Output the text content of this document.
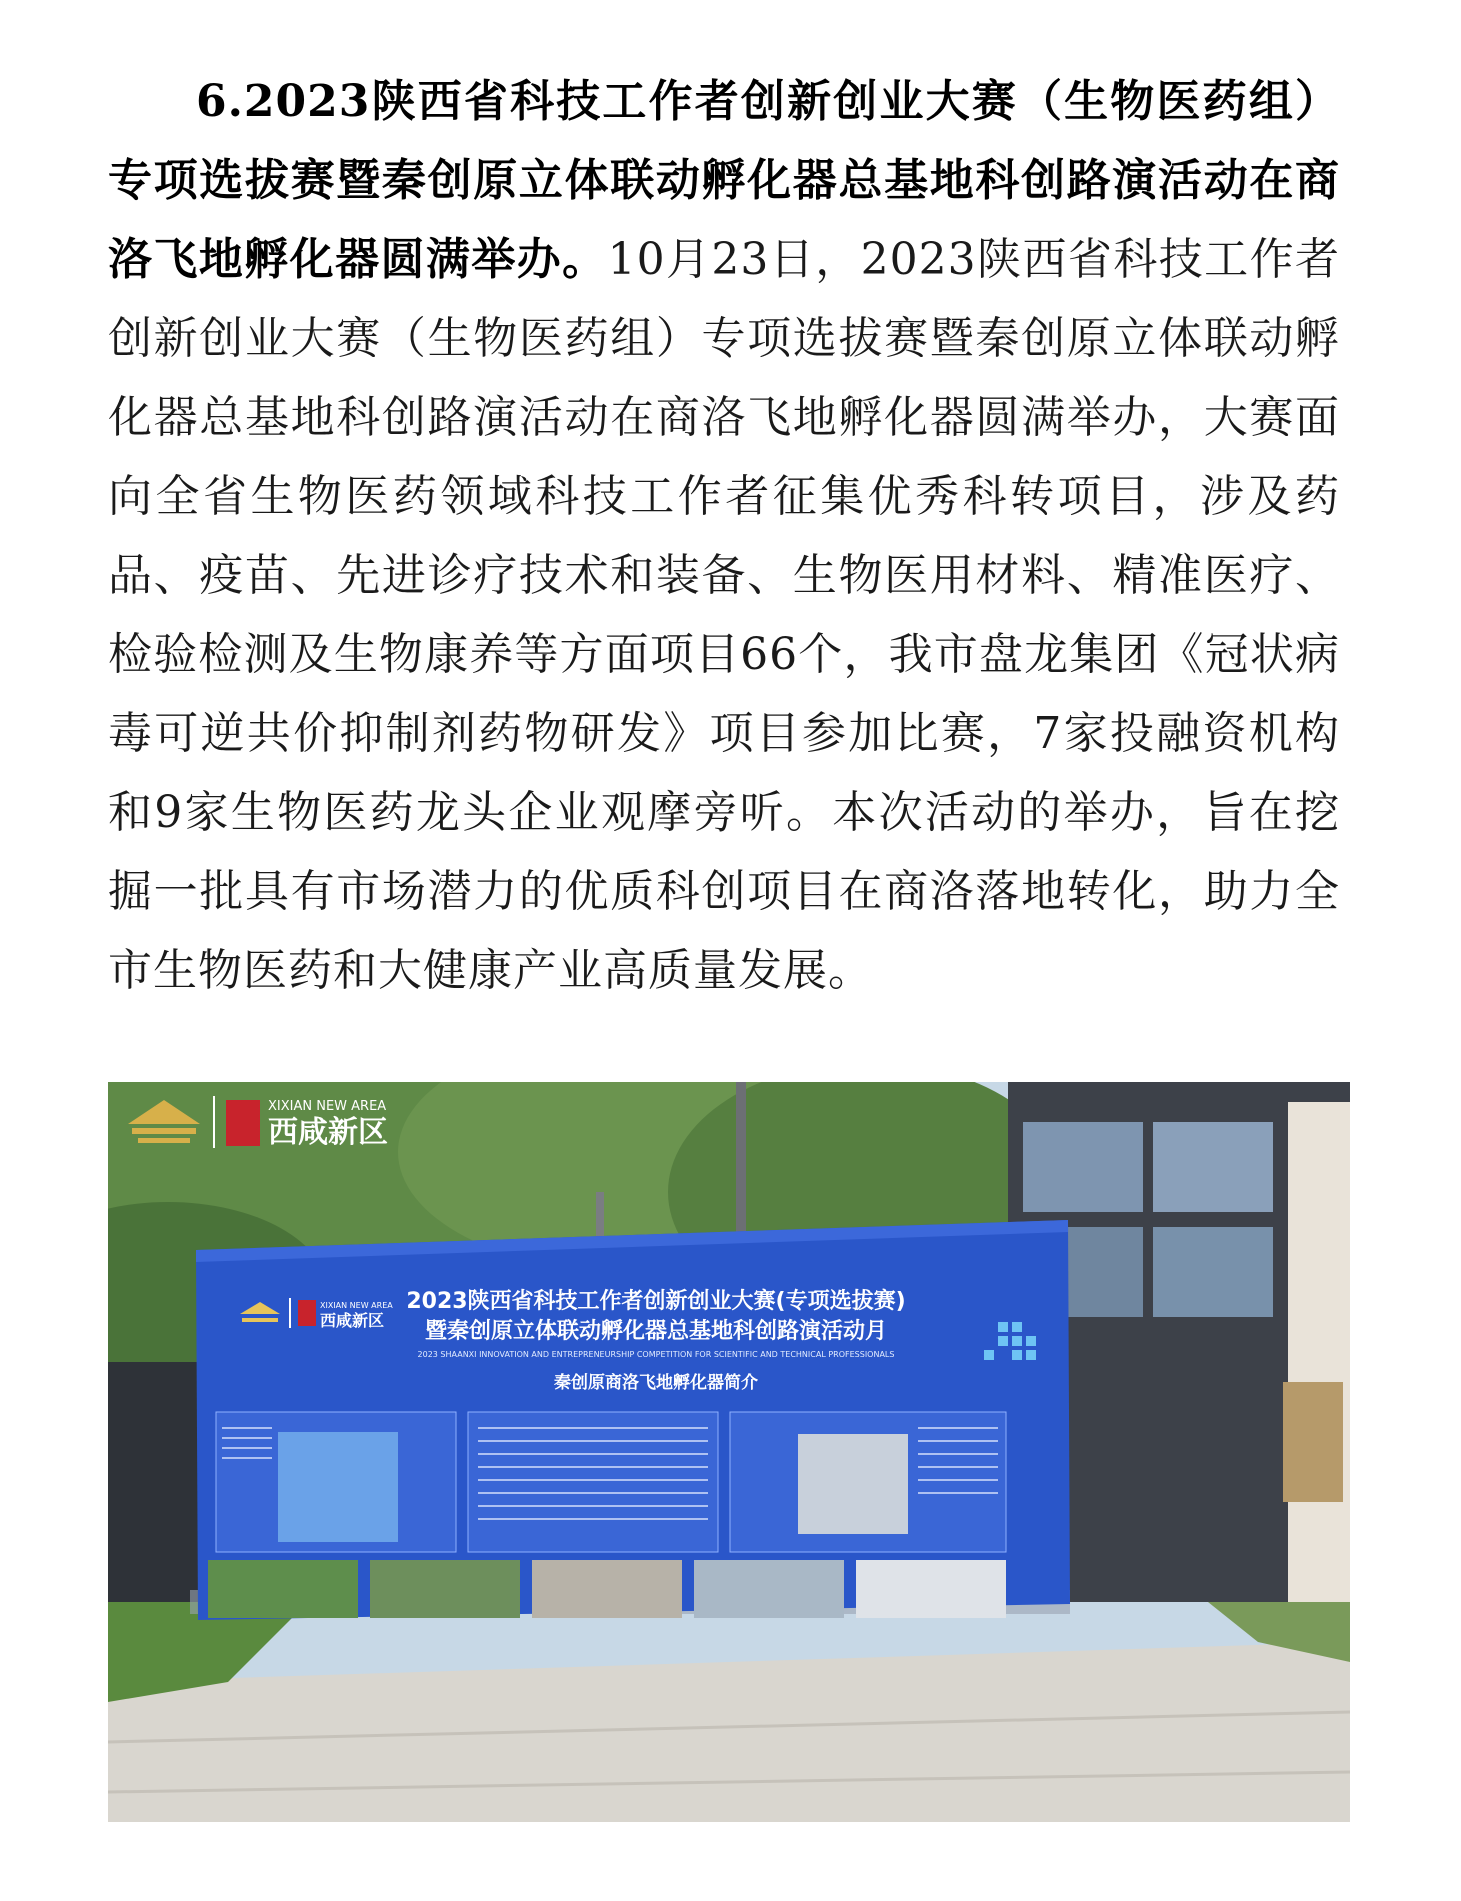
6.2023陕西省科技工作者创新创业大赛（生物医药组）专项选拔赛暨秦创原立体联动孵化器总基地科创路演活动在商洛飞地孵化器圆满举办。10月23日，2023陕西省科技工作者创新创业大赛（生物医药组）专项选拔赛暨秦创原立体联动孵化器总基地科创路演活动在商洛飞地孵化器圆满举办，大赛面向全省生物医药领域科技工作者征集优秀科转项目，涉及药品、疫苗、先进诊疗技术和装备、生物医用材料、精准医疗、检验检测及生物康养等方面项目66个，我市盘龙集团《冠状病毒可逆共价抑制剂药物研发》项目参加比赛，7家投融资机构和9家生物医药龙头企业观摩旁听。本次活动的举办，旨在挖掘一批具有市场潜力的优质科创项目在商洛落地转化，助力全市生物医药和大健康产业高质量发展。
XIXIAN NEW AREA
西咸新区
XIXIAN NEW AREA
西咸新区
2023陕西省科技工作者创新创业大赛(专项选拔赛)
暨秦创原立体联动孵化器总基地科创路演活动月
2023 SHAANXI INNOVATION AND ENTREPRENEURSHIP COMPETITION FOR SCIENTIFIC AND TECHNICAL PROFESSIONALS
秦创原商洛飞地孵化器简介
